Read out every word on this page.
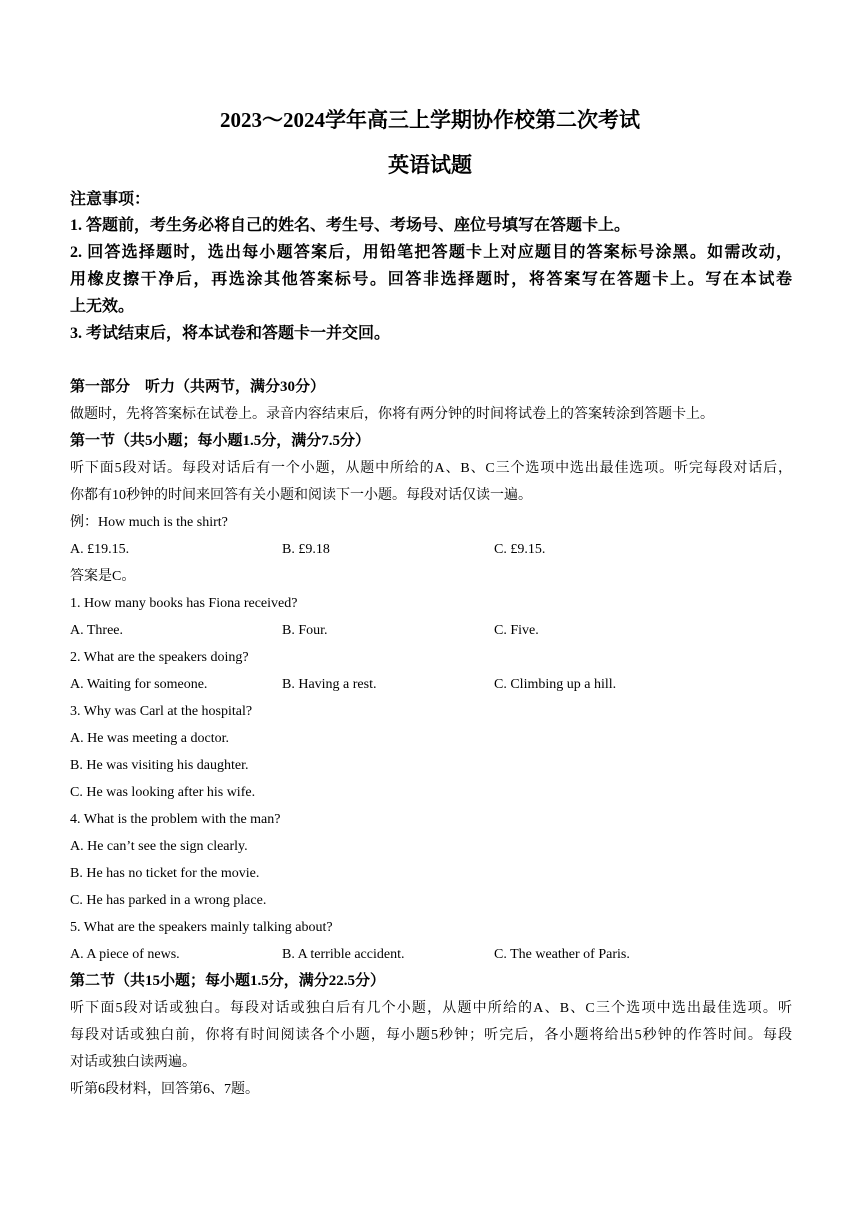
2023～2024学年高三上学期协作校第二次考试
英语试题
注意事项：
1. 答题前，考生务必将自己的姓名、考生号、考场号、座位号填写在答题卡上。
2. 回答选择题时，选出每小题答案后，用铅笔把答题卡上对应题目的答案标号涂黑。如需改动，
用橡皮擦干净后，再选涂其他答案标号。回答非选择题时，将答案写在答题卡上。写在本试卷
上无效。
3. 考试结束后，将本试卷和答题卡一并交回。
第一部分　听力（共两节，满分30分）
做题时，先将答案标在试卷上。录音内容结束后，你将有两分钟的时间将试卷上的答案转涂到答题卡上。
第一节（共5小题；每小题1.5分，满分7.5分）
听下面5段对话。每段对话后有一个小题，从题中所给的A、B、C三个选项中选出最佳选项。听完每段对话后，
你都有10秒钟的时间来回答有关小题和阅读下一小题。每段对话仅读一遍。
例：How much is the shirt?
A. £19.15.	B. £9.18	C. £9.15.
答案是C。
1. How many books has Fiona received?
A. Three.	B. Four.	C. Five.
2. What are the speakers doing?
A. Waiting for someone.	B. Having a rest.	C. Climbing up a hill.
3. Why was Carl at the hospital?
A. He was meeting a doctor.
B. He was visiting his daughter.
C. He was looking after his wife.
4. What is the problem with the man?
A. He can’t see the sign clearly.
B. He has no ticket for the movie.
C. He has parked in a wrong place.
5. What are the speakers mainly talking about?
A. A piece of news.	B. A terrible accident.	C. The weather of Paris.
第二节（共15小题；每小题1.5分，满分22.5分）
听下面5段对话或独白。每段对话或独白后有几个小题，从题中所给的A、B、C三个选项中选出最佳选项。听
每段对话或独白前，你将有时间阅读各个小题，每小题5秒钟；听完后，各小题将给出5秒钟的作答时间。每段
对话或独白读两遍。
听第6段材料，回答第6、7题。
